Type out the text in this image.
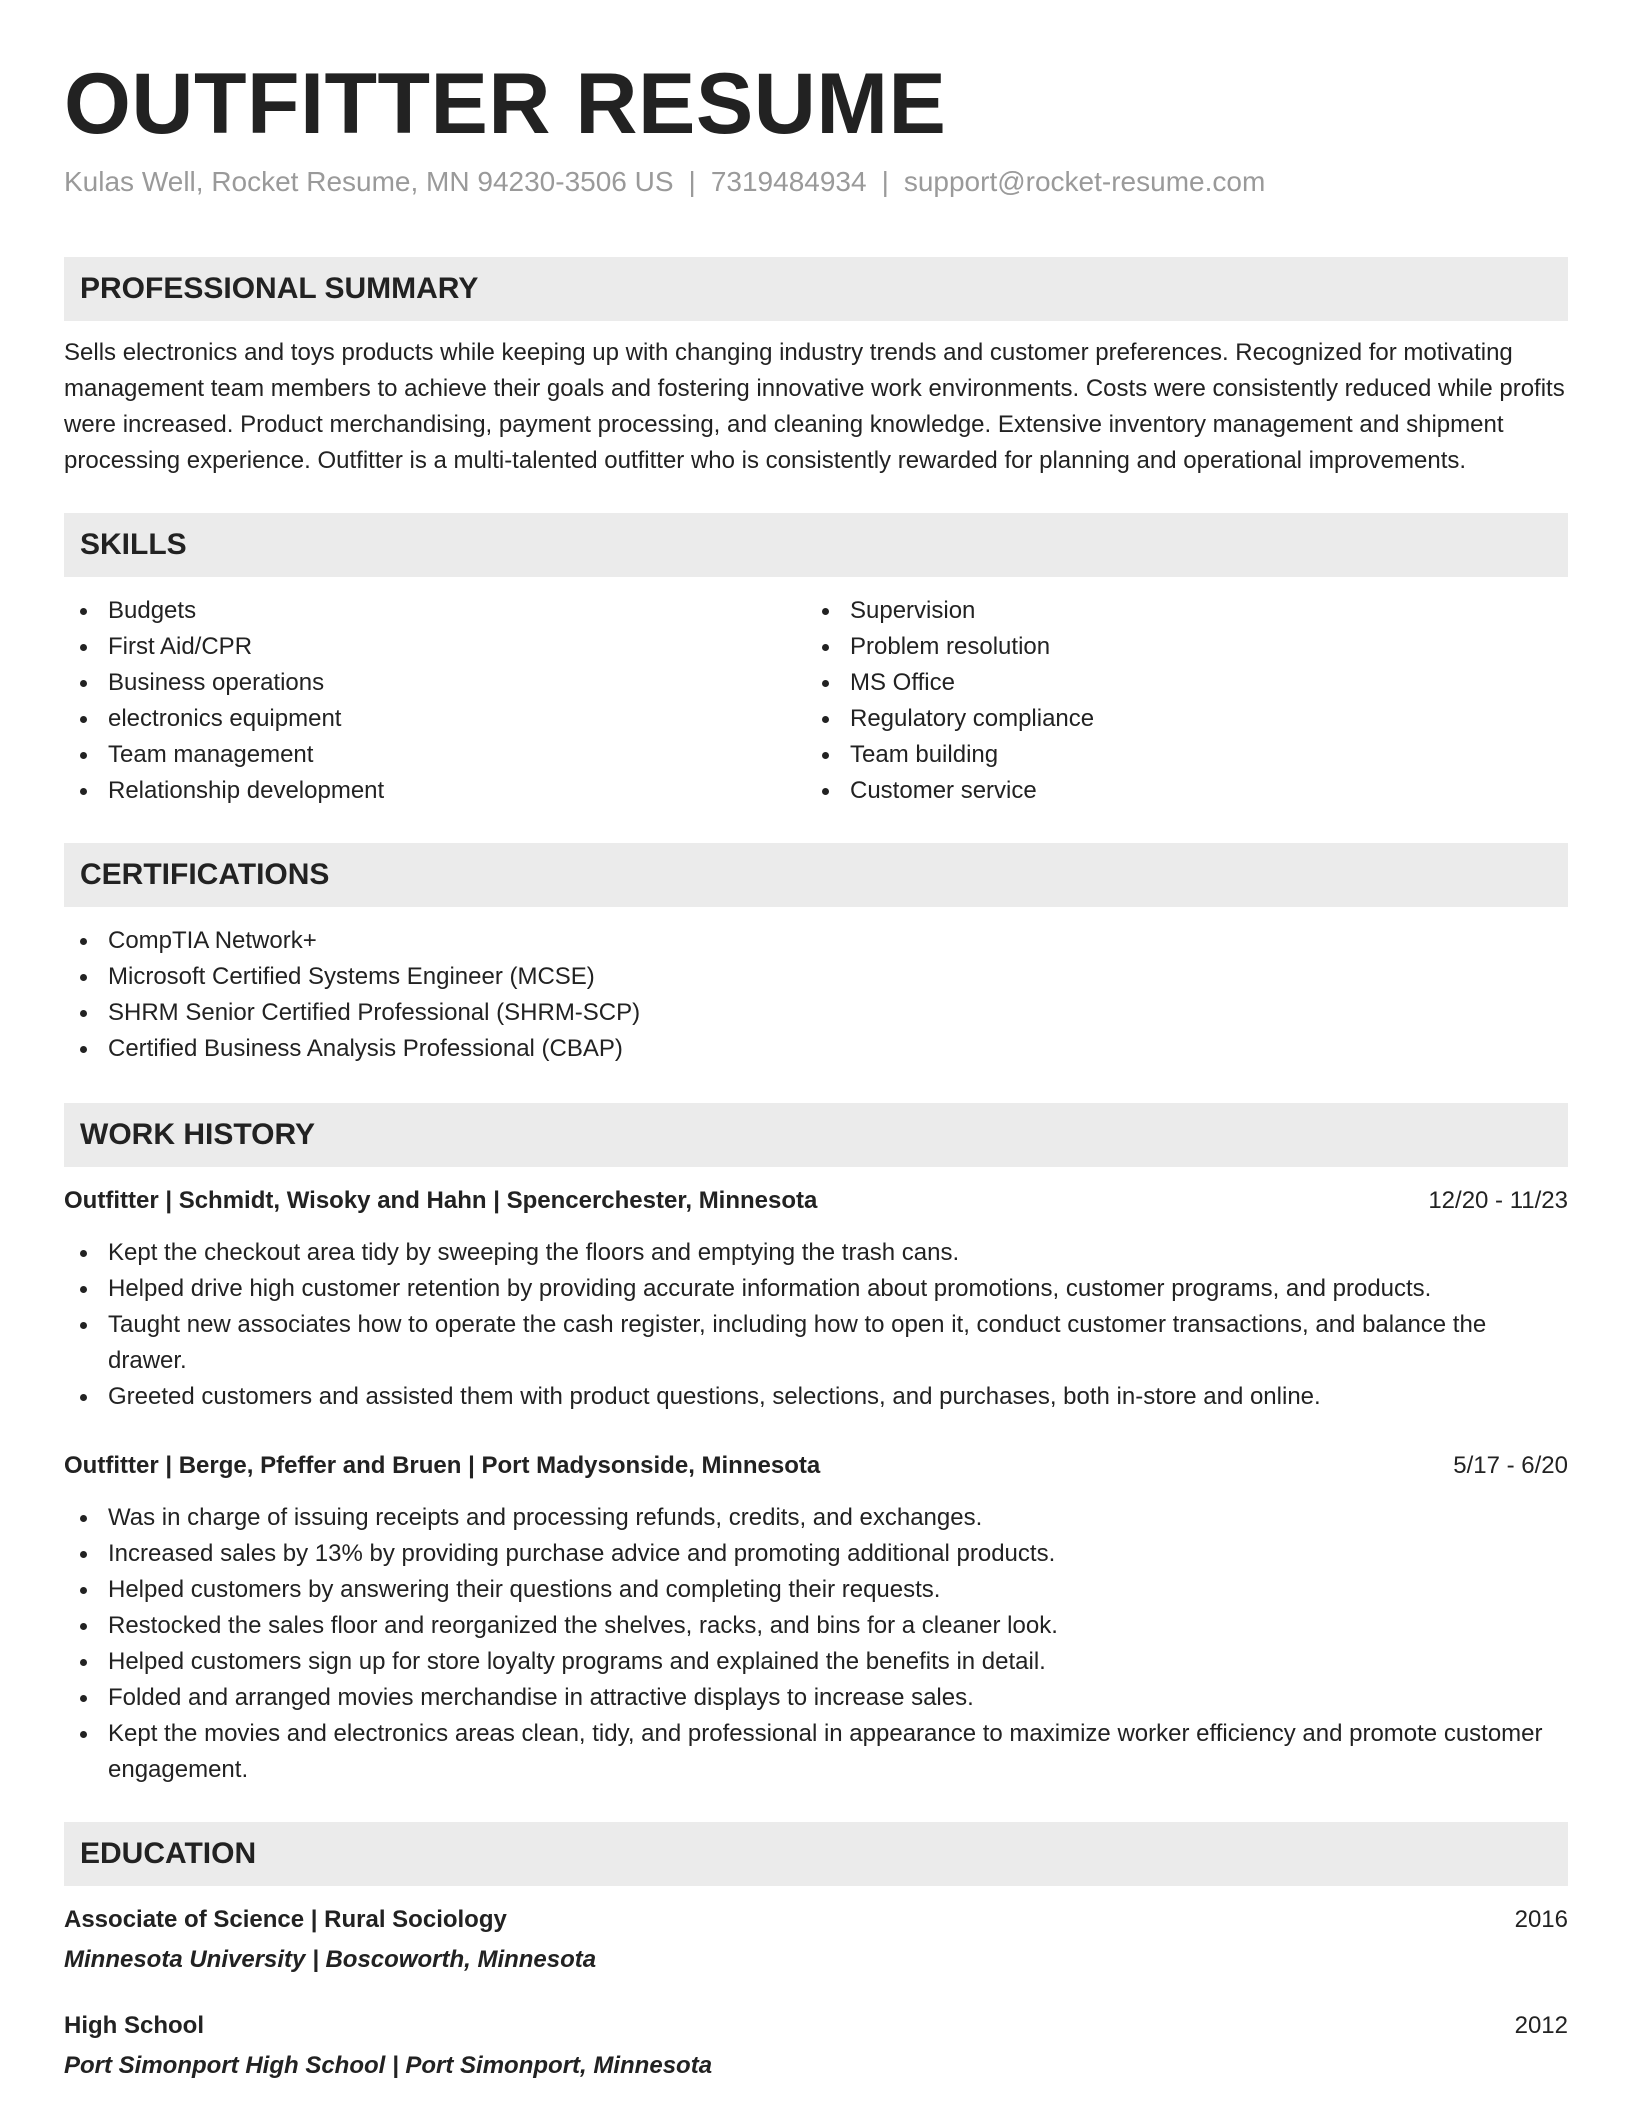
OUTFITTER RESUME
Kulas Well, Rocket Resume, MN 94230-3506 US | 7319484934 | support@rocket-resume.com
PROFESSIONAL SUMMARY

Sells electronics and toys products while keeping up with changing industry trends and customer preferences. Recognized for motivating management team members to achieve their goals and fostering innovative work environments. Costs were consistently reduced while profits were increased. Product merchandising, payment processing, and cleaning knowledge. Extensive inventory management and shipment processing experience. Outfitter is a multi-talented outfitter who is consistently rewarded for planning and operational improvements.

SKILLS
Budgets
First Aid/CPR
Business operations
electronics equipment
Team management
Relationship development
Supervision
Problem resolution
MS Office
Regulatory compliance
Team building
Customer service
CERTIFICATIONS
CompTIA Network+
Microsoft Certified Systems Engineer (MCSE)
SHRM Senior Certified Professional (SHRM-SCP)
Certified Business Analysis Professional (CBAP)
WORK HISTORY
Outfitter | Schmidt, Wisoky and Hahn | Spencerchester, Minnesota	12/20 - 11/23
Kept the checkout area tidy by sweeping the floors and emptying the trash cans.
Helped drive high customer retention by providing accurate information about promotions, customer programs, and products.
Taught new associates how to operate the cash register, including how to open it, conduct customer transactions, and balance the drawer.
Greeted customers and assisted them with product questions, selections, and purchases, both in-store and online.
Outfitter | Berge, Pfeffer and Bruen | Port Madysonside, Minnesota	5/17 - 6/20
Was in charge of issuing receipts and processing refunds, credits, and exchanges.
Increased sales by 13% by providing purchase advice and promoting additional products.
Helped customers by answering their questions and completing their requests.
Restocked the sales floor and reorganized the shelves, racks, and bins for a cleaner look.
Helped customers sign up for store loyalty programs and explained the benefits in detail.
Folded and arranged movies merchandise in attractive displays to increase sales.
Kept the movies and electronics areas clean, tidy, and professional in appearance to maximize worker efficiency and promote customer engagement.
EDUCATION
Associate of Science | Rural Sociology	2016
Minnesota University | Boscoworth, Minnesota
High School	2012
Port Simonport High School | Port Simonport, Minnesota
